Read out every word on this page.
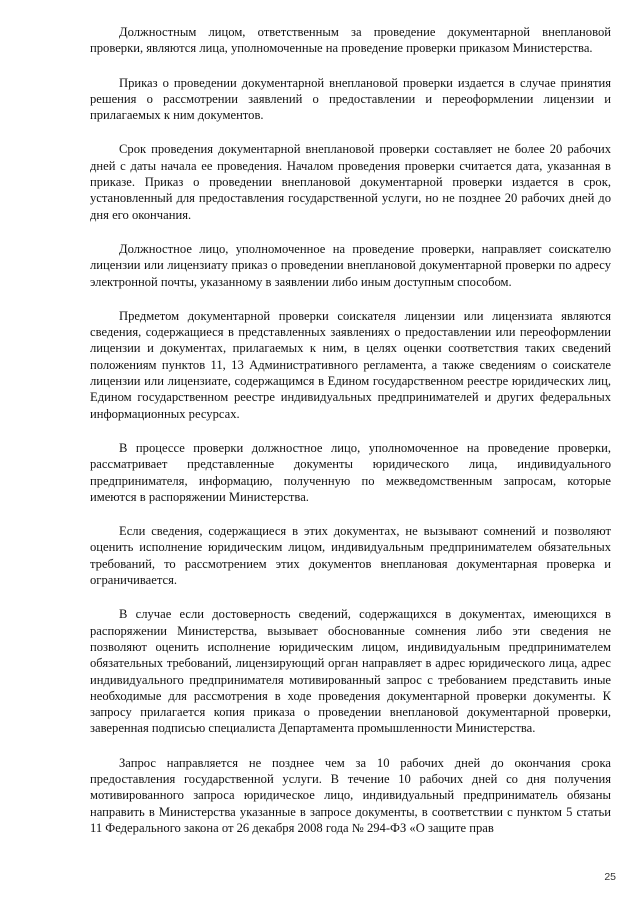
Должностным лицом, ответственным за проведение документарной внеплановой проверки, являются лица, уполномоченные на проведение проверки приказом Министерства.

Приказ о проведении документарной внеплановой проверки издается в случае принятия решения о рассмотрении заявлений о предоставлении и переоформлении лицензии и прилагаемых к ним документов.

Срок проведения документарной внеплановой проверки составляет не более 20 рабочих дней с даты начала ее проведения. Началом проведения проверки считается дата, указанная в приказе. Приказ о проведении внеплановой документарной проверки издается в срок, установленный для предоставления государственной услуги, но не позднее 20 рабочих дней до дня его окончания.

Должностное лицо, уполномоченное на проведение проверки, направляет соискателю лицензии или лицензиату приказ о проведении внеплановой документарной проверки по адресу электронной почты, указанному в заявлении либо иным доступным способом.

Предметом документарной проверки соискателя лицензии или лицензиата являются сведения, содержащиеся в представленных заявлениях о предоставлении или переоформлении лицензии и документах, прилагаемых к ним, в целях оценки соответствия таких сведений положениям пунктов 11, 13 Административного регламента, а также сведениям о соискателе лицензии или лицензиате, содержащимся в Едином государственном реестре юридических лиц, Едином государственном реестре индивидуальных предпринимателей и других федеральных информационных ресурсах.

В процессе проверки должностное лицо, уполномоченное на проведение проверки, рассматривает представленные документы юридического лица, индивидуального предпринимателя, информацию, полученную по межведомственным запросам, которые имеются в распоряжении Министерства.

Если сведения, содержащиеся в этих документах, не вызывают сомнений и позволяют оценить исполнение юридическим лицом, индивидуальным предпринимателем обязательных требований, то рассмотрением этих документов внеплановая документарная проверка и ограничивается.

В случае если достоверность сведений, содержащихся в документах, имеющихся в распоряжении Министерства, вызывает обоснованные сомнения либо эти сведения не позволяют оценить исполнение юридическим лицом, индивидуальным предпринимателем обязательных требований, лицензирующий орган направляет в адрес юридического лица, адрес индивидуального предпринимателя мотивированный запрос с требованием представить иные необходимые для рассмотрения в ходе проведения документарной проверки документы. К запросу прилагается копия приказа о проведении внеплановой документарной проверки, заверенная подписью специалиста Департамента промышленности Министерства.

Запрос направляется не позднее чем за 10 рабочих дней до окончания срока предоставления государственной услуги. В течение 10 рабочих дней со дня получения мотивированного запроса юридическое лицо, индивидуальный предприниматель обязаны направить в Министерства указанные в запросе документы, в соответствии с пунктом 5 статьи 11 Федерального закона от 26 декабря 2008 года № 294-ФЗ «О защите прав

25
